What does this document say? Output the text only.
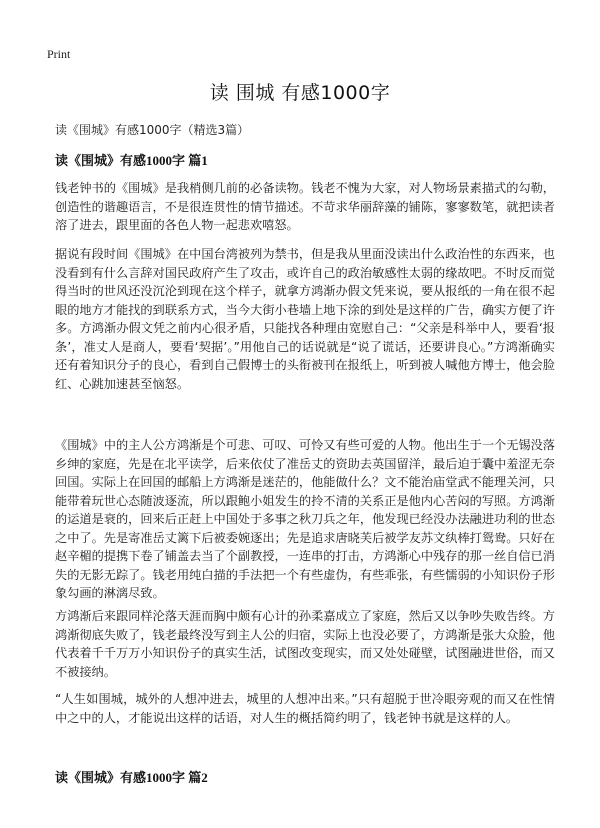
Print
读 围城 有感1000字
读《围城》有感1000字（精选3篇）
读《围城》有感1000字 篇1

钱老钟书的《围城》是我梢侧几前的必备读物。钱老不愧为大家，对人物场景素描式的勾勒，创造性的谐趣语言，不是很连贯性的情节描述。不苛求华丽辞藻的铺陈，寥寥数笔，就把读者溶了进去，跟里面的各色人物一起悲欢嘻怒。

据说有段时间《围城》在中国台湾被列为禁书，但是我从里面没读出什么政治性的东西来，也没看到有什么言辞对国民政府产生了攻击，或许自己的政治敏感性太弱的缘故吧。不时反而觉得当时的世风还没沉沦到现在这个样子，就拿方鸿渐办假文凭来说，要从报纸的一角在很不起眼的地方才能找的到联系方式，当今大街小巷墙上地下涂的到处是这样的广告，确实方便了许多。方鸿渐办假文凭之前内心很矛盾，只能找各种理由宽慰自己：“父亲是科举中人，要看‘报条’，准丈人是商人，要看‘契据’。”用他自己的话说就是“说了谎话，还要讲良心。”方鸿渐确实还有着知识分子的良心，看到自己假博士的头衔被刊在报纸上，听到被人喊他方博士，他会脸红、心跳加速甚至恼怒。

《围城》中的主人公方鸿渐是个可悲、可叹、可怜又有些可爱的人物。他出生于一个无锡没落乡绅的家庭，先是在北平读学，后来依仗了准岳丈的资助去英国留洋，最后迫于囊中羞涩无奈回国。实际上在回国的邮船上方鸿渐是迷茫的，他能做什么？文不能治庙堂武不能理关河，只能带着玩世心态随波逐流，所以跟鲍小姐发生的拎不清的关系正是他内心苦闷的写照。方鸿渐的运道是衰的，回来后正赶上中国处于多事之秋刀兵之年，他发现已经没办法融进功利的世态之中了。先是寄准岳丈篱下后被委婉逐出；先是追求唐晓芙后被学友苏文纨棒打鸳鸯。只好在赵辛楣的提携下卷了铺盖去当了个副教授，一连串的打击，方鸿渐心中残存的那一丝自信已消失的无影无踪了。钱老用纯白描的手法把一个有些虚伪，有些乖张，有些懦弱的小知识份子形象勾画的淋漓尽致。

方鸿渐后来跟同样沦落天涯而胸中颇有心计的孙柔嘉成立了家庭，然后又以争吵失败告终。方鸿渐彻底失败了，钱老最终没写到主人公的归宿，实际上也没必要了，方鸿渐是张大众脸，他代表着千千万万小知识份子的真实生活，试图改变现实，而又处处碰壁，试图融进世俗，而又不被接纳。

“人生如围城，城外的人想冲进去，城里的人想冲出来。”只有超脱于世冷眼旁观的而又在性情中之中的人，才能说出这样的话语，对人生的概括简约明了，钱老钟书就是这样的人。

读《围城》有感1000字 篇2
